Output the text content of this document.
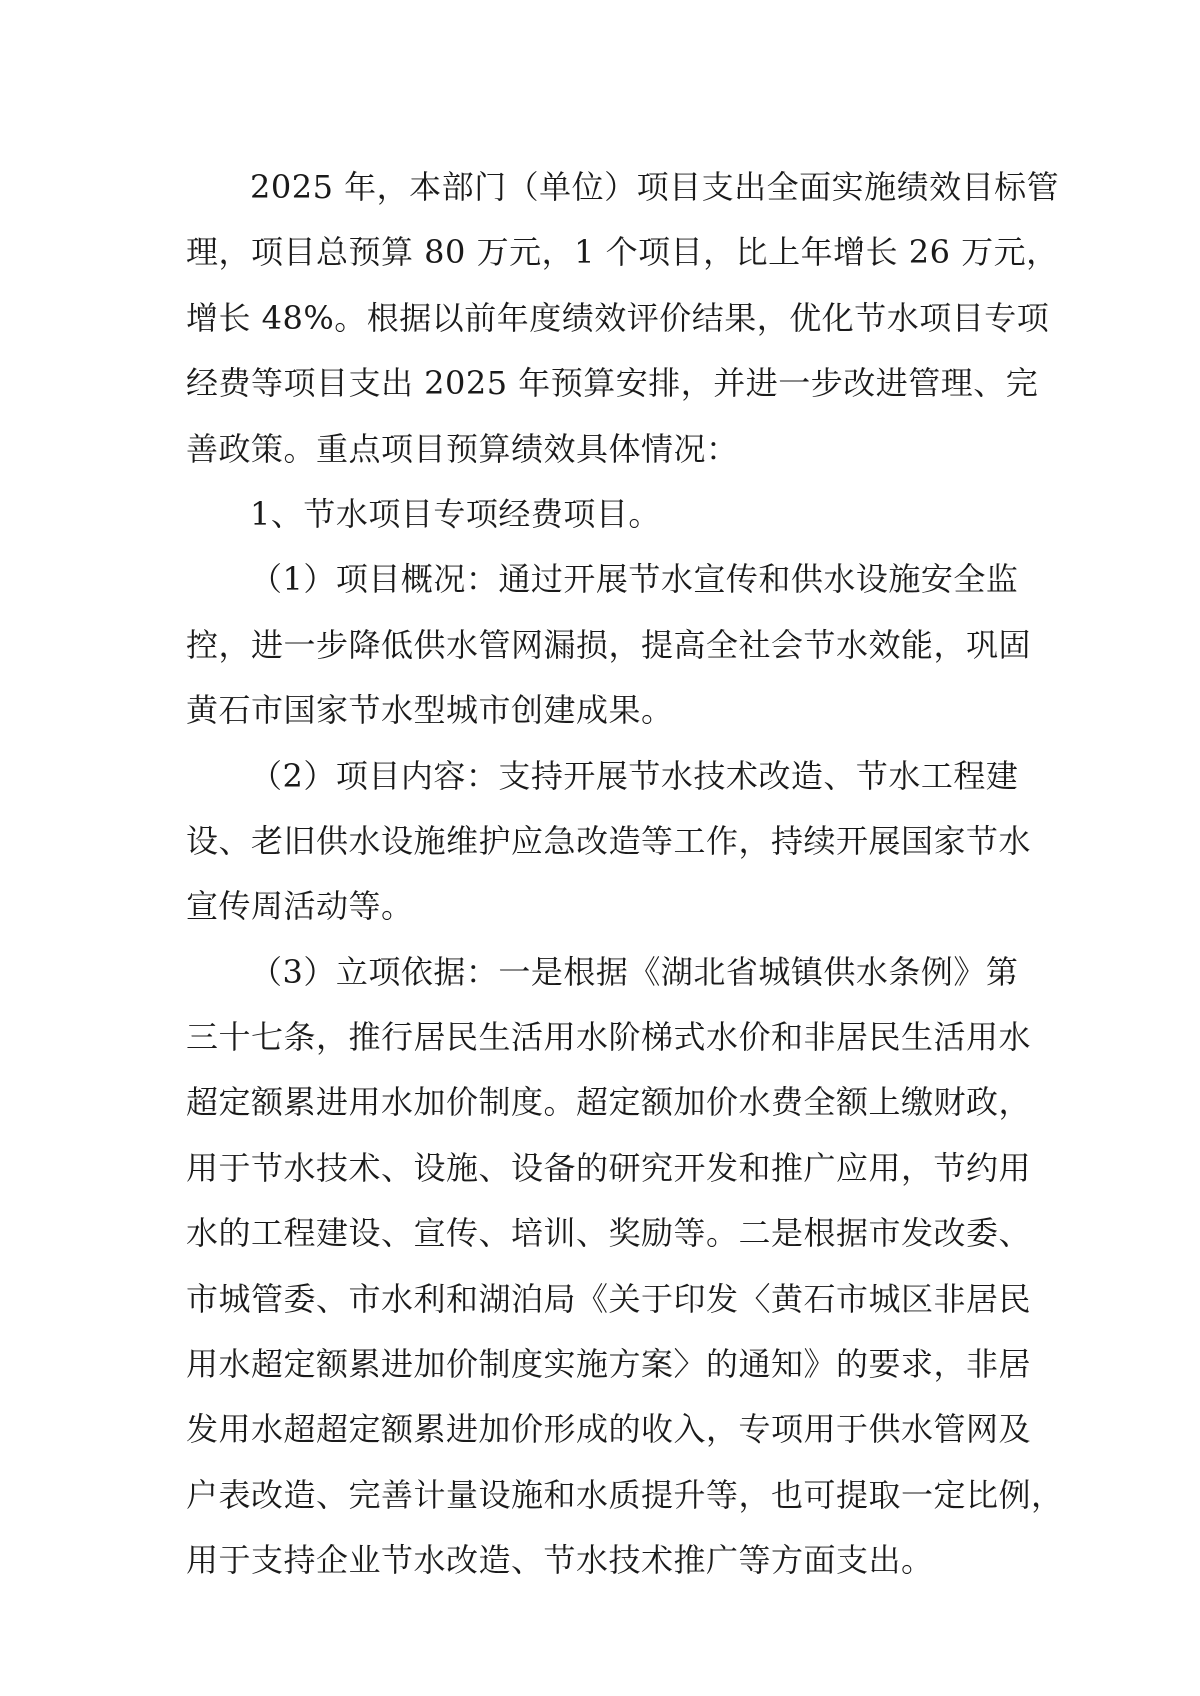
2025 年，本部门（单位）项目支出全面实施绩效目标管
理，项目总预算 80 万元，1 个项目，比上年增长 26 万元，
增长 48%。根据以前年度绩效评价结果，优化节水项目专项
经费等项目支出 2025 年预算安排，并进一步改进管理、完
善政策。重点项目预算绩效具体情况：
1、节水项目专项经费项目。
（1）项目概况：通过开展节水宣传和供水设施安全监
控，进一步降低供水管网漏损，提高全社会节水效能，巩固
黄石市国家节水型城市创建成果。
（2）项目内容：支持开展节水技术改造、节水工程建
设、老旧供水设施维护应急改造等工作，持续开展国家节水
宣传周活动等。
（3）立项依据：一是根据《湖北省城镇供水条例》第
三十七条，推行居民生活用水阶梯式水价和非居民生活用水
超定额累进用水加价制度。超定额加价水费全额上缴财政，
用于节水技术、设施、设备的研究开发和推广应用，节约用
水的工程建设、宣传、培训、奖励等。二是根据市发改委、
市城管委、市水利和湖泊局《关于印发〈黄石市城区非居民
用水超定额累进加价制度实施方案〉的通知》的要求，非居
发用水超超定额累进加价形成的收入，专项用于供水管网及
户表改造、完善计量设施和水质提升等，也可提取一定比例，
用于支持企业节水改造、节水技术推广等方面支出。
